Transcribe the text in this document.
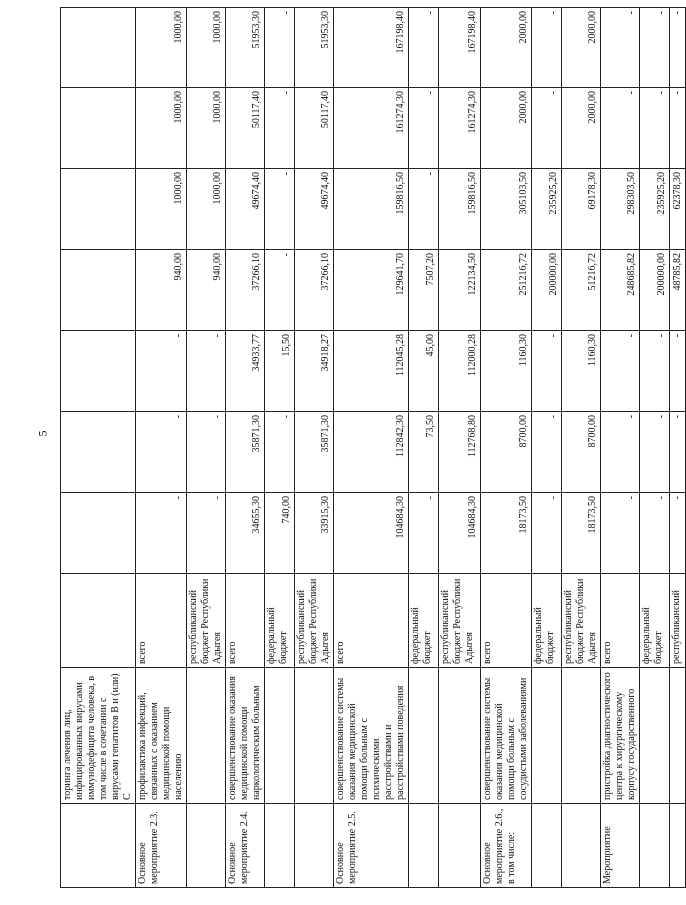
5
	торинга лечения лиц, инфицированных вирусами иммунодефицита человека, в том числе в сочетании с вирусами гепатитов B и (или) C								
Основное мероприятие 2.3.	профилактика инфекций, связанных с оказанием медицинской помощи населению	всего	-	-	-	940,00	1000,00	1000,00	1000,00
		республиканский бюджет Республики Адыгея	-	-	-	940,00	1000,00	1000,00	1000,00
Основное мероприятие 2.4.	совершенствование оказания медицинской помощи наркологическим больным	всего	34655,30	35871,30	34933,77	37266,10	49674,40	50117,40	51953,30
		федеральный бюджет	740,00	-	15,50	-	-	-	-
		республиканский бюджет Республики Адыгея	33915,30	35871,30	34918,27	37266,10	49674,40	50117,40	51953,30
Основное мероприятие 2.5.	совершенствование системы оказания медицинской помощи больным с психическими расстройствами и расстройствами поведения	всего	104684,30	112842,30	112045,28	129641,70	159816,50	161274,30	167198,40
		федеральный бюджет	-	73,50	45,00	7507,20	-	-	-
		республиканский бюджет Республики Адыгея	104684,30	112768,80	112000,28	122134,50	159816,50	161274,30	167198,40
Основное мероприятие 2.6., в том числе:	совершенствование системы оказания медицинской помощи больным с сосудистыми заболеваниями	всего	18173,50	8700,00	1160,30	251216,72	305103,50	2000,00	2000,00
		федеральный бюджет	-	-	-	200000,00	235925,20	-	-
		республиканский бюджет Республики Адыгея	18173,50	8700,00	1160,30	51216,72	69178,30	2000,00	2000,00
Мероприятие	пристройка диагностического центра к хирургическому корпусу государственного	всего	-	-	-	248685,82	298303,50	-	-
		федеральный бюджет	-	-	-	200000,00	235925,20	-	-
		республиканский	-	-	-	48785,82	62378,30	-	-
